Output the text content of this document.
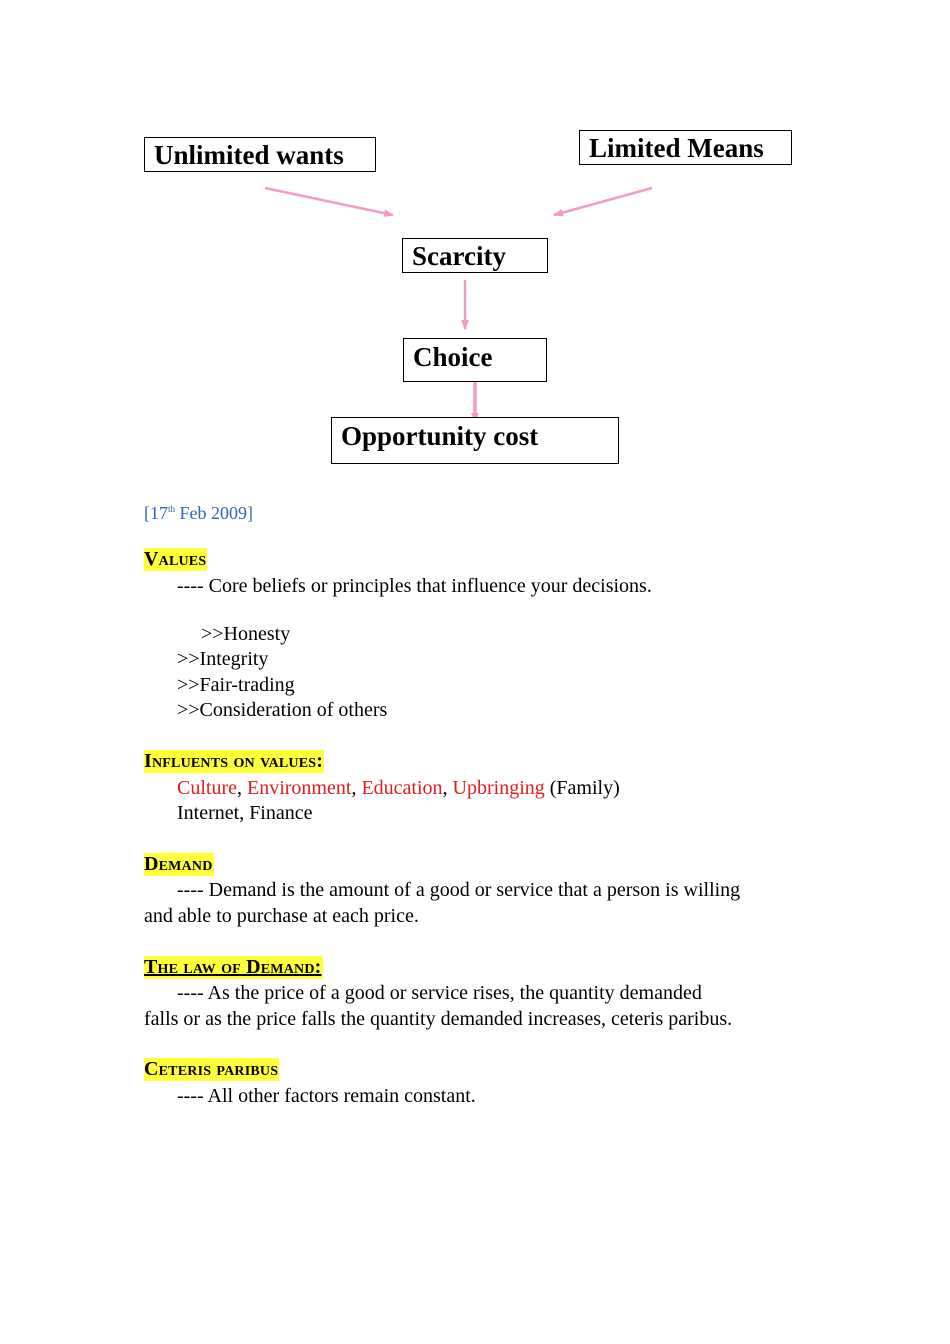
Unlimited wants	Limited Means
Scarcity
Choice
Opportunity cost
[17th Feb 2009]
Values
---- Core beliefs or principles that influence your decisions.
>>Honesty
>>Integrity
>>Fair-trading
>>Consideration of others
Influents on values:
Culture, Environment, Education, Upbringing (Family)
Internet, Finance
Demand
---- Demand is the amount of a good or service that a person is willing
and able to purchase at each price.
The law of Demand:
---- As the price of a good or service rises, the quantity demanded
falls or as the price falls the quantity demanded increases, ceteris paribus.
Ceteris paribus
---- All other factors remain constant.
